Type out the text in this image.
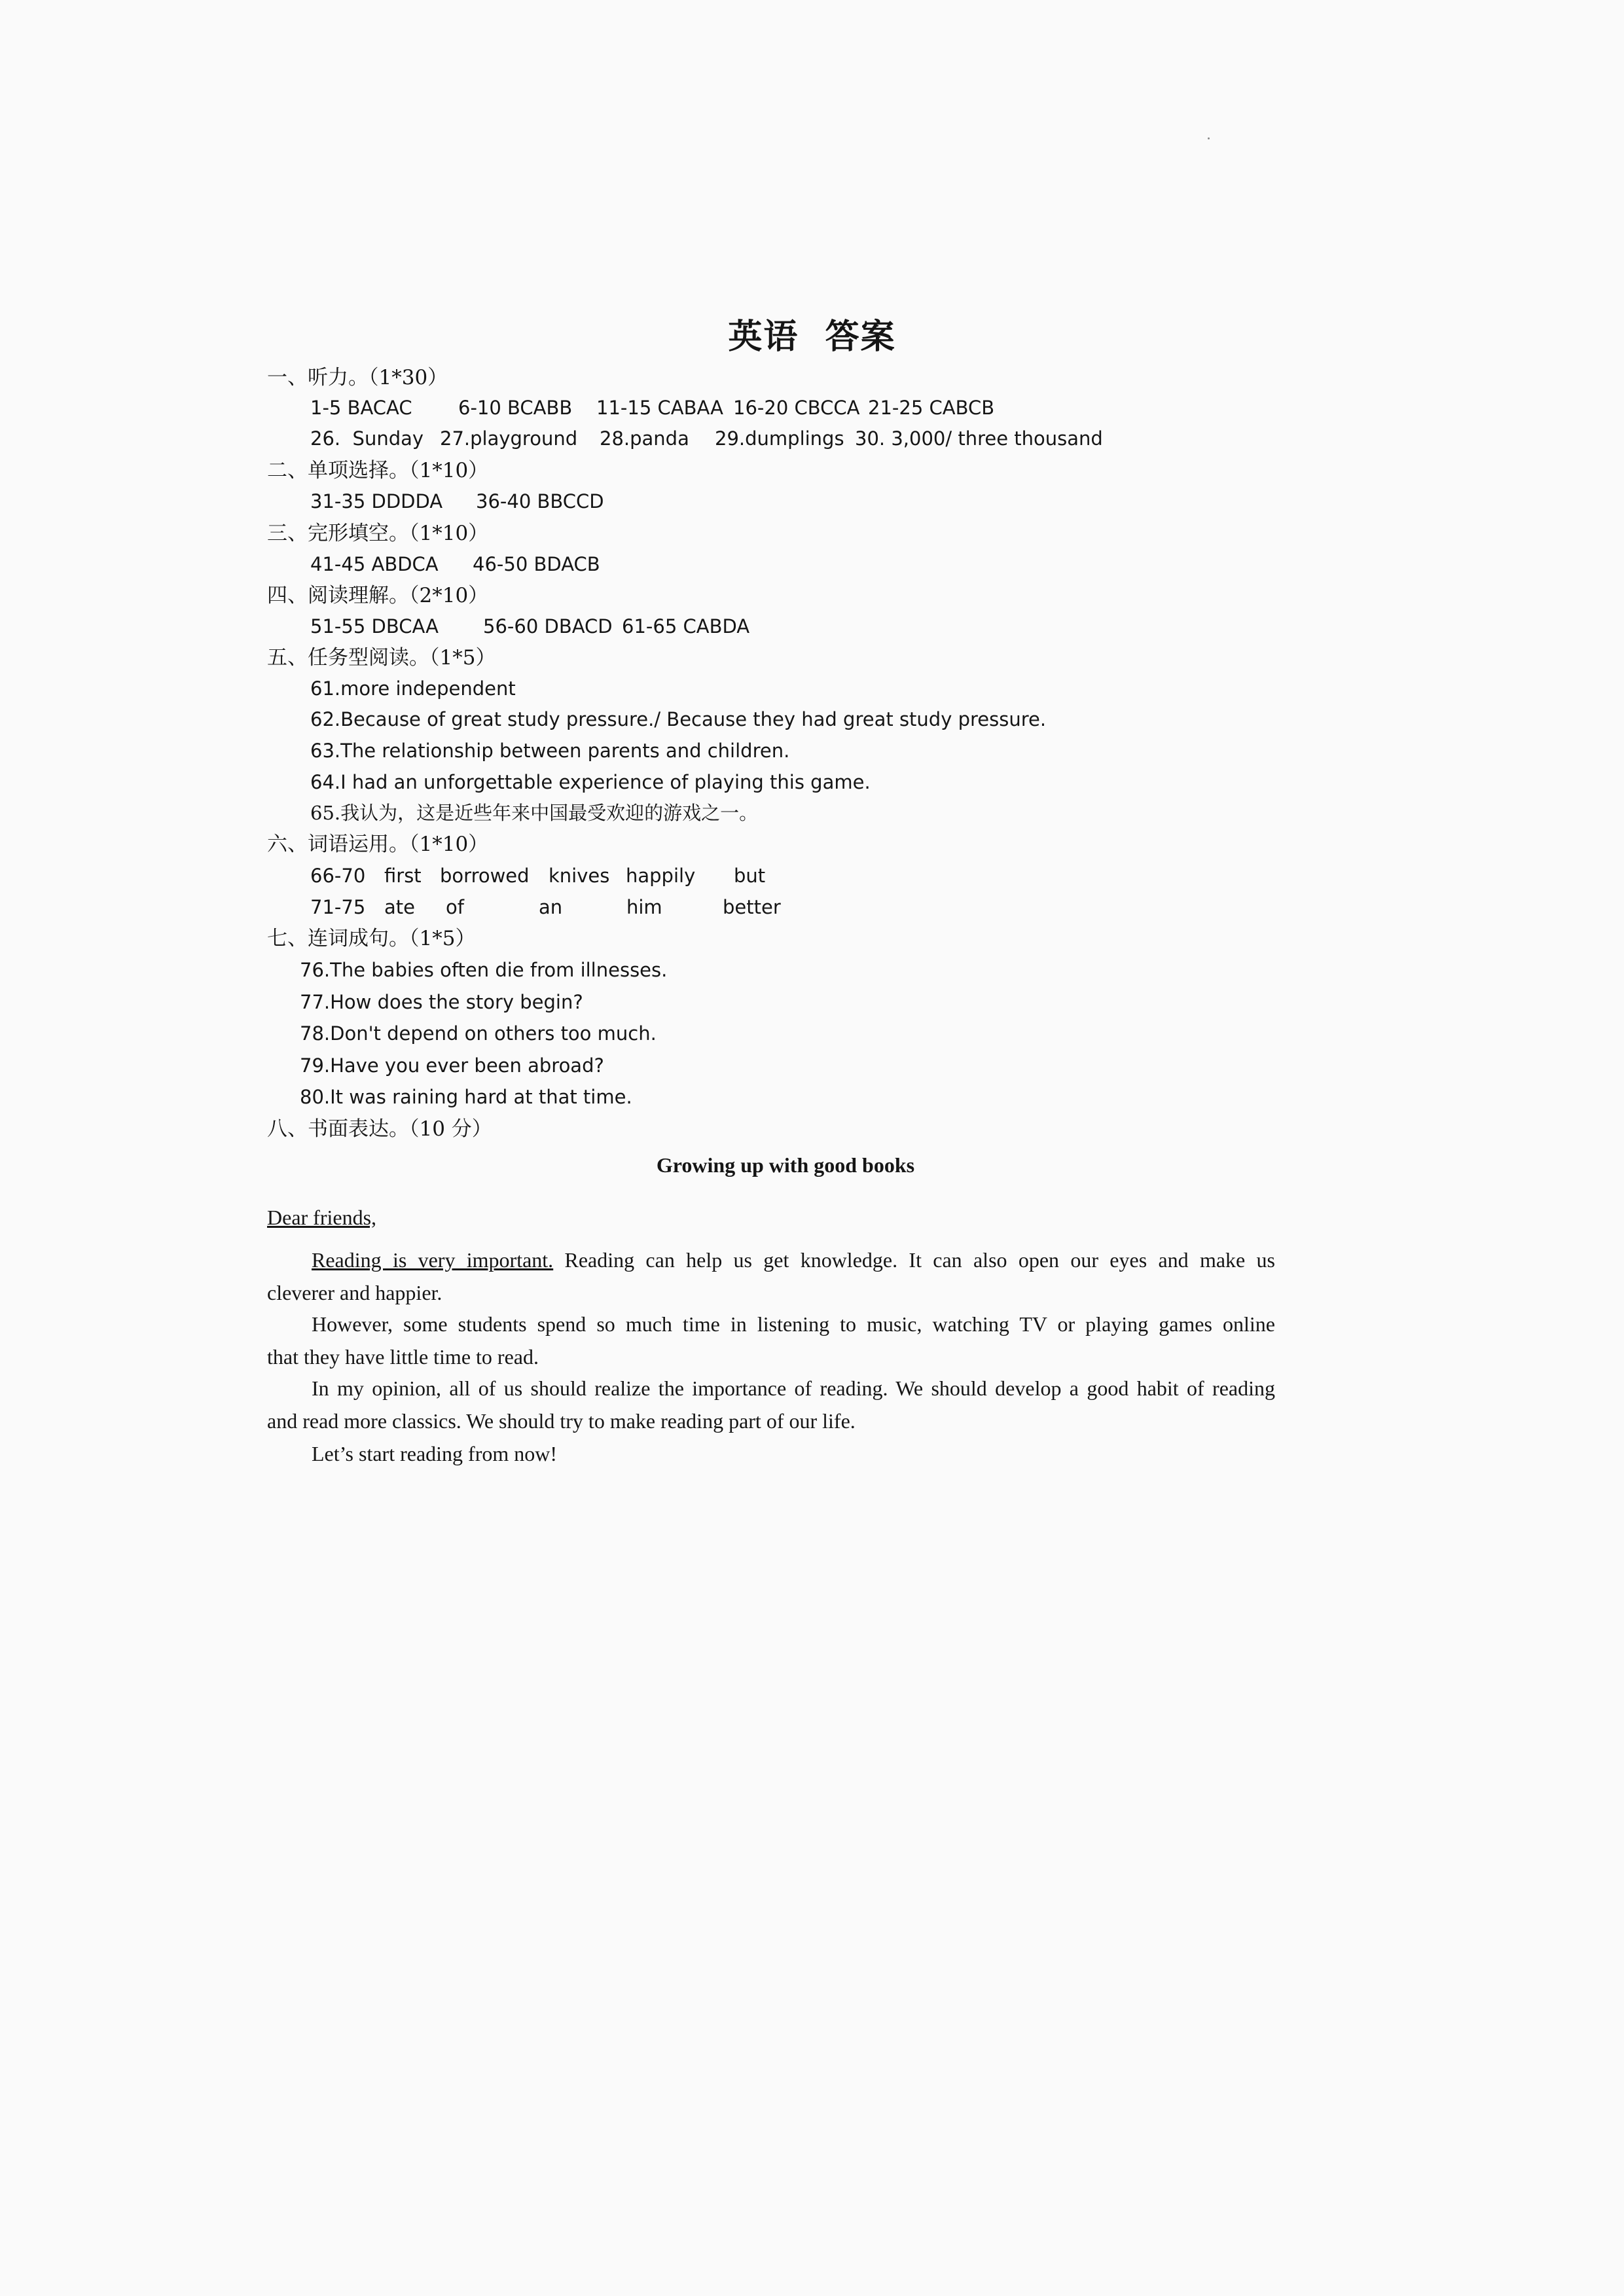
英语  答案
一、听力。（1*30）
1-5 BACAC 6-10 BCABB 11-15 CABAA 16-20 CBCCA 21-25 CABCB
26.  Sunday 27.playground 28.panda 29.dumplings 30. 3,000/ three thousand
二、单项选择。（1*10）
31-35 DDDDA 36-40 BBCCD
三、完形填空。（1*10）
41-45 ABDCA 46-50 BDACB
四、阅读理解。（2*10）
51-55 DBCAA 56-60 DBACD 61-65 CABDA
五、任务型阅读。（1*5）
61.more independent
62.Because of great study pressure./ Because they had great study pressure.
63.The relationship between parents and children.
64.I had an unforgettable experience of playing this game.
65.我认为，这是近些年来中国最受欢迎的游戏之一。
六、词语运用。（1*10）
66-70 first borrowed knives happily but
71-75 ate of	an	him	better
七、连词成句。（1*5）
76.The babies often die from illnesses.
77.How does the story begin?
78.Don't depend on others too much.
79.Have you ever been abroad?
80.It was raining hard at that time.
八、书面表达。（10 分）
Growing up with good books
Dear friends,
Reading is very important. Reading can help us get knowledge. It can also open our eyes and make us
cleverer and happier.
However, some students spend so much time in listening to music, watching TV or playing games online
that they have little time to read.
In my opinion, all of us should realize the importance of reading. We should develop a good habit of reading
and read more classics. We should try to make reading part of our life.
Let’s start reading from now!
